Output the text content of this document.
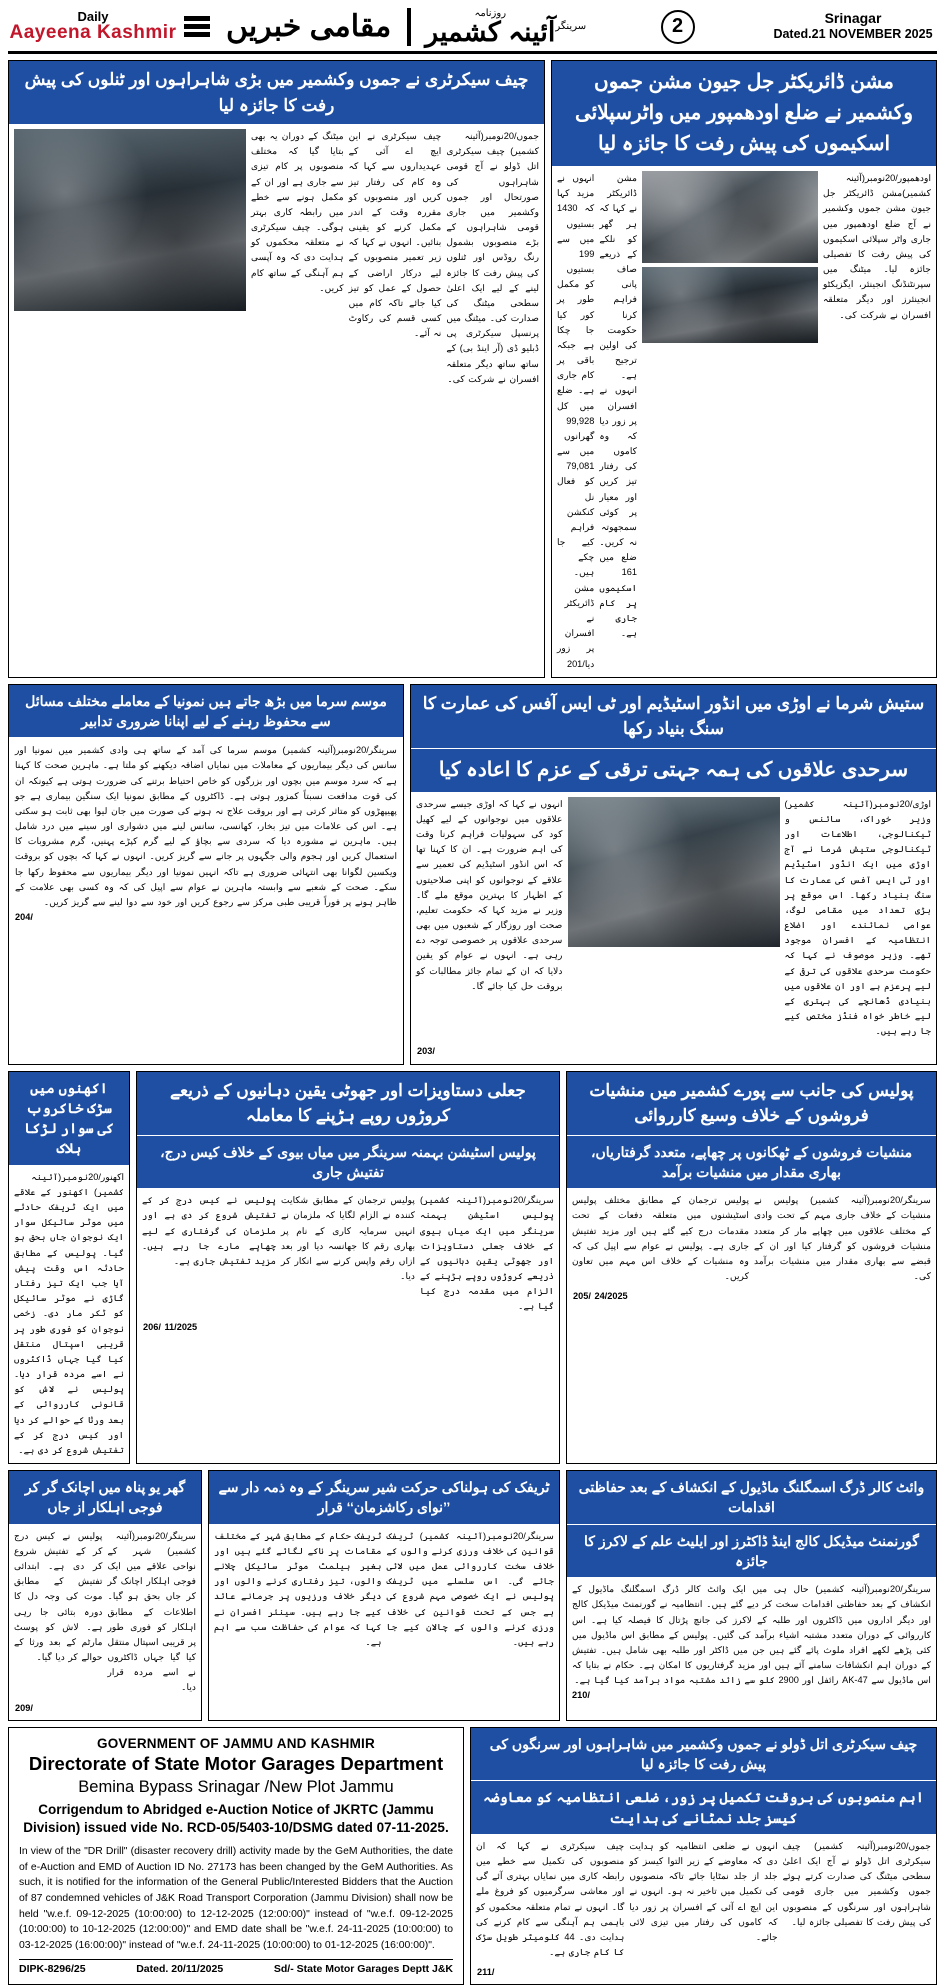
Daily
Aayeena Kashmir	مقامی خبریں	روزنامہ
آئینہ کشمیر سرینگر	2	Srinagar
Dated.21 NOVEMBER 2025
چیف سیکرٹری نے جموں وکشمیر میں بڑی شاہراہوں اور ٹنلوں کی پیش رفت کا جائزہ لیا
میٹنگ کے دوران یہ بھی بتایا گیا کہ مختلف منصوبوں پر کام تیزی سے جاری ہے اور ان کے مکمل ہونے سے خطے میں رابطہ کاری بہتر ہوگی۔ چیف سیکرٹری نے متعلقہ محکموں کو ہدایت دی کہ وہ آپسی ہم آہنگی کے ساتھ کام کریں۔
چیف سیکرٹری نے این ایچ اے آئی کے عہدیداروں سے کہا کہ وہ کام کی رفتار تیز کریں اور منصوبوں کو مقررہ وقت کے اندر مکمل کرنے کو یقینی بنائیں۔ انہوں نے کہا کہ زیر تعمیر منصوبوں کے لیے درکار اراضی کے حصول کے عمل کو تیز کیا جائے تاکہ کام میں کسی قسم کی رکاوٹ نہ آئے۔
جموں/20نومبر(آئینہ کشمیر) چیف سیکرٹری اتل ڈولو نے آج قومی شاہراہوں کی صورتحال اور جموں وکشمیر میں جاری قومی شاہراہوں کے بڑے منصوبوں بشمول رنگ روڈس اور ٹنلوں کی پیش رفت کا جائزہ لینے کے لیے ایک اعلیٰ سطحی میٹنگ کی صدارت کی۔ میٹنگ میں پرنسپل سیکرٹری پی ڈبلیو ڈی (آر اینڈ بی) کے ساتھ ساتھ دیگر متعلقہ افسران نے شرکت کی۔
مشن ڈائریکٹر جل جیون مشن جموں وکشمیر نے ضلع اودھمپور میں واٹرسپلائی اسکیموں کی پیش رفت کا جائزہ لیا
انہوں نے مزید کہا کہ 1430 بستیوں میں سے 199 بستیوں کو مکمل طور پر کور کیا جا چکا ہے جبکہ باقی پر کام جاری ہے۔ ضلع میں کل 99,928 گھرانوں میں سے 79,081 کو فعال نل کنکشن فراہم کیے جا چکے ہیں۔ مشن ڈائریکٹر نے افسران پر زور دیا/201
مشن ڈائریکٹر نے کہا کہ ہر گھر کو نلکے کے ذریعے صاف پانی فراہم کرنا حکومت کی اولین ترجیح ہے۔ انہوں نے افسران پر زور دیا کہ وہ کاموں کی رفتار تیز کریں اور معیار پر کوئی سمجھوتہ نہ کریں۔ ضلع میں 161 اسکیموں پر کام جاری ہے۔
اودھمپور/20نومبر(آئینہ کشمیر)مشن ڈائریکٹر جل جیون مشن جموں وکشمیر نے آج ضلع اودھمپور میں جاری واٹر سپلائی اسکیموں کی پیش رفت کا تفصیلی جائزہ لیا۔ میٹنگ میں سپرنٹنڈنگ انجینئر، ایگزیکٹو انجینئرز اور دیگر متعلقہ افسران نے شرکت کی۔
موسم سرما میں بڑھ جاتے ہیں نمونیا کے معاملے مختلف مسائل سے محفوظ رہنے کے لیے اپنانا ضروری تدابیر
سرینگر/20نومبر(آئینہ کشمیر) موسم سرما کی آمد کے ساتھ ہی وادی کشمیر میں نمونیا اور سانس کی دیگر بیماریوں کے معاملات میں نمایاں اضافہ دیکھنے کو ملتا ہے۔ ماہرین صحت کا کہنا ہے کہ سرد موسم میں بچوں اور بزرگوں کو خاص احتیاط برتنے کی ضرورت ہوتی ہے کیونکہ ان کی قوت مدافعت نسبتاً کمزور ہوتی ہے۔ ڈاکٹروں کے مطابق نمونیا ایک سنگین بیماری ہے جو پھیپھڑوں کو متاثر کرتی ہے اور بروقت علاج نہ ہونے کی صورت میں جان لیوا بھی ثابت ہو سکتی ہے۔ اس کی علامات میں تیز بخار، کھانسی، سانس لینے میں دشواری اور سینے میں درد شامل ہیں۔ ماہرین نے مشورہ دیا کہ سردی سے بچاؤ کے لیے گرم کپڑے پہنیں، گرم مشروبات کا استعمال کریں اور ہجوم والی جگہوں پر جانے سے گریز کریں۔ انہوں نے کہا کہ بچوں کو بروقت ویکسین لگوانا بھی انتہائی ضروری ہے تاکہ انہیں نمونیا اور دیگر بیماریوں سے محفوظ رکھا جا سکے۔ صحت کے شعبے سے وابستہ ماہرین نے عوام سے اپیل کی کہ وہ کسی بھی علامت کے ظاہر ہونے پر فوراً قریبی طبی مرکز سے رجوع کریں اور خود سے دوا لینے سے گریز کریں۔
/204
ستیش شرما نے اوڑی میں انڈور اسٹیڈیم اور ٹی ایس آفس کی عمارت کا سنگ بنیاد رکھا
سرحدی علاقوں کی ہمہ جہتی ترقی کے عزم کا اعادہ کیا
انہوں نے کہا کہ اوڑی جیسے سرحدی علاقوں میں نوجوانوں کے لیے کھیل کود کی سہولیات فراہم کرنا وقت کی اہم ضرورت ہے۔ ان کا کہنا تھا کہ اس انڈور اسٹیڈیم کی تعمیر سے علاقے کے نوجوانوں کو اپنی صلاحیتوں کے اظہار کا بہترین موقع ملے گا۔ وزیر نے مزید کہا کہ حکومت تعلیم، صحت اور روزگار کے شعبوں میں بھی سرحدی علاقوں پر خصوصی توجہ دے رہی ہے۔ انہوں نے عوام کو یقین دلایا کہ ان کے تمام جائز مطالبات کو بروقت حل کیا جائے گا۔
اوڑی/20نومبر(آئینہ کشمیر) وزیر خوراک، سائنس و ٹیکنالوجی، اطلاعات اور ٹیکنالوجی ستیش شرما نے آج اوڑی میں ایک انڈور اسٹیڈیم اور ٹی ایس آفس کی عمارت کا سنگ بنیاد رکھا۔ اس موقع پر بڑی تعداد میں مقامی لوگ، عوامی نمائندے اور اضلاع انتظامیہ کے افسران موجود تھے۔ وزیر موصوف نے کہا کہ حکومت سرحدی علاقوں کی ترقی کے لیے پرعزم ہے اور ان علاقوں میں بنیادی ڈھانچے کی بہتری کے لیے خاطر خواہ فنڈز مختص کیے جا رہے ہیں۔
/203
جعلی دستاویزات اور جھوٹی یقین دہانیوں کے ذریعے کروڑوں روپے ہڑپنے کا معاملہ
پولیس اسٹیشن بہمنہ سرینگر میں میاں بیوی کے خلاف کیس درج، تفتیش جاری
پولیس نے کیس درج کر کے تفتیش شروع کر دی ہے اور ملزمان کی گرفتاری کے لیے چھاپے مارے جا رہے ہیں۔ مزید تفتیش جاری ہے۔
پولیس ترجمان کے مطابق شکایت کنندہ نے الزام لگایا کہ ملزمان نے انہیں سرمایہ کاری کے نام پر بھاری رقم کا جھانسہ دیا اور بعد ازاں رقم واپس کرنے سے انکار کر دیا۔
سرینگر/20نومبر(آئینہ کشمیر) پولیس اسٹیشن بہمنہ سرینگر میں ایک میاں بیوی کے خلاف جعلی دستاویزات اور جھوٹی یقین دہانیوں کے ذریعے کروڑوں روپے ہڑپنے کے الزام میں مقدمہ درج کیا گیا ہے۔
11/2025 /206
اکھنوں میں سڑک خاکروب کی سوار لڑکا ہلاک
اکھنور/20نومبر(آئینہ کشمیر) اکھنور کے علاقے میں ایک ٹریفک حادثے میں موٹر سائیکل سوار ایک نوجوان جاں بحق ہو گیا۔ پولیس کے مطابق حادثہ اس وقت پیش آیا جب ایک تیز رفتار گاڑی نے موٹر سائیکل کو ٹکر مار دی۔ زخمی نوجوان کو فوری طور پر قریبی اسپتال منتقل کیا گیا جہاں ڈاکٹروں نے اسے مردہ قرار دیا۔ پولیس نے لاش کو قانونی کارروائی کے بعد ورثا کے حوالے کر دیا اور کیس درج کر کے تفتیش شروع کر دی ہے۔
پولیس کی جانب سے پورے کشمیر میں منشیات فروشوں کے خلاف وسیع کارروائی
منشیات فروشوں کے ٹھکانوں پر چھاپے، متعدد گرفتاریاں، بھاری مقدار میں منشیات برآمد
پولیس ترجمان کے مطابق مختلف پولیس اسٹیشنوں میں متعلقہ دفعات کے تحت مقدمات درج کیے گئے ہیں اور مزید تفتیش جاری ہے۔ پولیس نے عوام سے اپیل کی کہ وہ منشیات کے خلاف اس مہم میں تعاون کریں۔
سرینگر/20نومبر(آئینہ کشمیر) پولیس نے منشیات کے خلاف جاری مہم کے تحت وادی کے مختلف علاقوں میں چھاپے مار کر متعدد منشیات فروشوں کو گرفتار کیا اور ان کے قبضے سے بھاری مقدار میں منشیات برآمد کی۔
24/2025 /205
وائٹ کالر ڈرگ اسمگلنگ ماڈیول کے انکشاف کے بعد حفاظتی اقدامات
گورنمنٹ میڈیکل کالج اینڈ ڈاکٹرز اور ایلیٹ علم کے لاکرز کا جائزہ
سرینگر/20نومبر(آئینہ کشمیر) حال ہی میں ایک وائٹ کالر ڈرگ اسمگلنگ ماڈیول کے انکشاف کے بعد حفاظتی اقدامات سخت کر دیے گئے ہیں۔ انتظامیہ نے گورنمنٹ میڈیکل کالج اور دیگر اداروں میں ڈاکٹروں اور طلبہ کے لاکرز کی جانچ پڑتال کا فیصلہ کیا ہے۔ اس کارروائی کے دوران متعدد مشتبہ اشیاء برآمد کی گئیں۔ پولیس کے مطابق اس ماڈیول میں کئی پڑھے لکھے افراد ملوث پائے گئے ہیں جن میں ڈاکٹر اور طلبہ بھی شامل ہیں۔ تفتیش کے دوران اہم انکشافات سامنے آئے ہیں اور مزید گرفتاریوں کا امکان ہے۔ حکام نے بتایا کہ اس ماڈیول سے AK-47 رائفل اور 2900 کلو سے زائد مشتبہ مواد برآمد کیا گیا ہے۔
/210
ٹریفک کی ہولناکی حرکت شیر سرینگر کے وہ ذمہ دار سے ’’نوای رکاشزمان‘‘ قرار
ٹریفک حکام کے مطابق شہر کے مختلف مقامات پر ناکے لگائے گئے ہیں اور بغیر ہیلمٹ موٹر سائیکل چلانے والوں، تیز رفتاری کرنے والوں اور دیگر خلاف ورزیوں پر جرمانے عائد کیے جا رہے ہیں۔ سینئر افسران نے کہا کہ عوام کی حفاظت سب سے اہم ہے۔
سرینگر/20نومبر(آئینہ کشمیر) ٹریفک قوانین کی خلاف ورزی کرنے والوں کے خلاف سخت کارروائی عمل میں لائی جائے گی۔ اس سلسلے میں ٹریفک پولیس نے ایک خصوصی مہم شروع کی ہے جس کے تحت قوانین کی خلاف ورزی کرنے والوں کے چالان کیے جا رہے ہیں۔
گھر یو پناہ میں اچانک گر کر فوجی اہلکار از جاں
پولیس نے کیس درج کر کے تفتیش شروع کر دی ہے۔ ابتدائی تفتیش کے مطابق موت کی وجہ دل کا دورہ بتائی جا رہی ہے۔ لاش کو پوسٹ مارٹم کے بعد ورثا کے حوالے کر دیا گیا۔
سرینگر/20نومبر(آئینہ کشمیر) شہر کے نواحی علاقے میں ایک فوجی اہلکار اچانک گر کر جاں بحق ہو گیا۔ اطلاعات کے مطابق اہلکار کو فوری طور پر قریبی اسپتال منتقل کیا گیا جہاں ڈاکٹروں نے اسے مردہ قرار دیا۔
/209
GOVERNMENT OF JAMMU AND KASHMIR
Directorate of State Motor Garages Department
Bemina Bypass Srinagar /New Plot Jammu
Corrigendum to Abridged e-Auction Notice of JKRTC (Jammu Division) issued vide No. RCD-05/5403-10/DSMG dated 07-11-2025.
In view of the "DR Drill" (disaster recovery drill) activity made by the GeM Authorities, the date of e-Auction and EMD of Auction ID No. 27173 has been changed by the GeM Authorities. As such, it is notified for the information of the General Public/Interested Bidders that the Auction of 87 condemned vehicles of J&K Road Transport Corporation (Jammu Division) shall now be held "w.e.f. 09-12-2025 (10:00:00) to 12-12-2025 (12:00:00)" instead of "w.e.f. 09-12-2025 (10:00:00) to 10-12-2025 (12:00:00)" and EMD date shall be "w.e.f. 24-11-2025 (10:00:00) to 03-12-2025 (16:00:00)" instead of "w.e.f. 24-11-2025 (10:00:00) to 01-12-2025 (16:00:00)".
DIPK-8296/25	Dated. 20/11/2025	Sd/- State Motor Garages Deptt J&K
چیف سیکرٹری اتل ڈولو نے جموں وکشمیر میں شاہراہوں اور سرنگوں کی پیش رفت کا جائزہ لیا
اہم منصوبوں کی بروقت تکمیل پر زور، ضلعی انتظامیہ کو معاوضہ کیسز جلد نمٹانے کی ہدایت
چیف سیکرٹری نے کہا کہ ان منصوبوں کی تکمیل سے خطے میں رابطہ کاری میں نمایاں بہتری آئے گی اور معاشی سرگرمیوں کو فروغ ملے گا۔ انہوں نے تمام متعلقہ محکموں کو باہمی ہم آہنگی سے کام کرنے کی ہدایت دی۔ 44 کلومیٹر طویل سڑک کا کام جاری ہے۔
انہوں نے ضلعی انتظامیہ کو ہدایت دی کہ معاوضے کے زیر التوا کیسز کو جلد از جلد نمٹایا جائے تاکہ منصوبوں کی تکمیل میں تاخیر نہ ہو۔ انہوں نے این ایچ اے آئی کے افسران پر زور دیا کہ کاموں کی رفتار میں تیزی لائی جائے۔
جموں/20نومبر(آئینہ کشمیر) چیف سیکرٹری اتل ڈولو نے آج ایک اعلیٰ سطحی میٹنگ کی صدارت کرتے ہوئے جموں وکشمیر میں جاری قومی شاہراہوں اور سرنگوں کے منصوبوں کی پیش رفت کا تفصیلی جائزہ لیا۔
/211
